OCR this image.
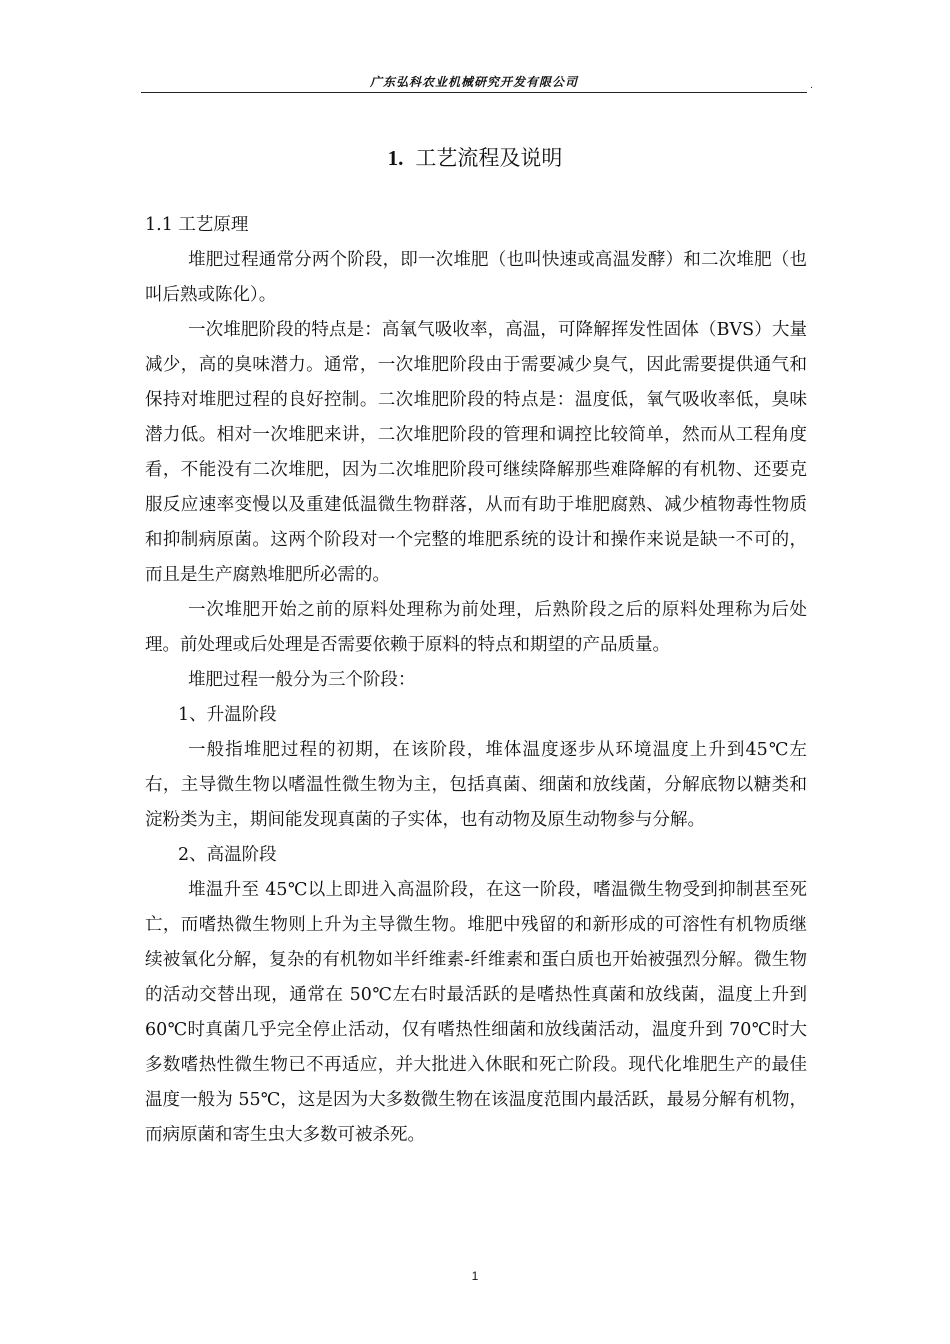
广东弘科农业机械研究开发有限公司	.
1. 工艺流程及说明

1.1 工艺原理

堆肥过程通常分两个阶段，即一次堆肥（也叫快速或高温发酵）和二次堆肥（也叫后熟或陈化）。

一次堆肥阶段的特点是：高氧气吸收率，高温，可降解挥发性固体（BVS）大量减少，高的臭味潜力。通常，一次堆肥阶段由于需要减少臭气，因此需要提供通气和保持对堆肥过程的良好控制。二次堆肥阶段的特点是：温度低，氧气吸收率低，臭味潜力低。相对一次堆肥来讲，二次堆肥阶段的管理和调控比较简单，然而从工程角度看，不能没有二次堆肥，因为二次堆肥阶段可继续降解那些难降解的有机物、还要克服反应速率变慢以及重建低温微生物群落，从而有助于堆肥腐熟、减少植物毒性物质和抑制病原菌。这两个阶段对一个完整的堆肥系统的设计和操作来说是缺一不可的，而且是生产腐熟堆肥所必需的。

一次堆肥开始之前的原料处理称为前处理，后熟阶段之后的原料处理称为后处理。前处理或后处理是否需要依赖于原料的特点和期望的产品质量。

堆肥过程一般分为三个阶段：

1、升温阶段

一般指堆肥过程的初期，在该阶段，堆体温度逐步从环境温度上升到45℃左右，主导微生物以嗜温性微生物为主，包括真菌、细菌和放线菌，分解底物以糖类和淀粉类为主，期间能发现真菌的子实体，也有动物及原生动物参与分解。

2、高温阶段

堆温升至 45℃以上即进入高温阶段，在这一阶段，嗜温微生物受到抑制甚至死亡，而嗜热微生物则上升为主导微生物。堆肥中残留的和新形成的可溶性有机物质继续被氧化分解，复杂的有机物如半纤维素-纤维素和蛋白质也开始被强烈分解。微生物的活动交替出现，通常在 50℃左右时最活跃的是嗜热性真菌和放线菌，温度上升到 60℃时真菌几乎完全停止活动，仅有嗜热性细菌和放线菌活动，温度升到 70℃时大多数嗜热性微生物已不再适应，并大批进入休眠和死亡阶段。现代化堆肥生产的最佳温度一般为 55℃，这是因为大多数微生物在该温度范围内最活跃，最易分解有机物，而病原菌和寄生虫大多数可被杀死。

1
